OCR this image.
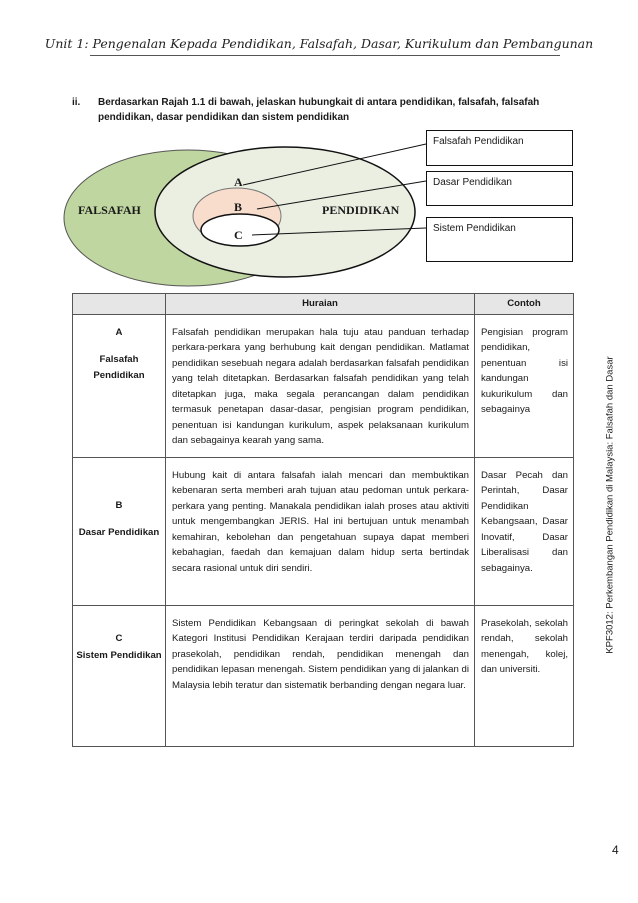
Unit 1: Pengenalan Kepada Pendidikan, Falsafah, Dasar, Kurikulum dan Pembangunan
ii. Berdasarkan Rajah 1.1 di bawah, jelaskan hubungkait di antara pendidikan, falsafah, falsafah pendidikan, dasar pendidikan dan sistem pendidikan
FALSAFAH	PENDIDIKAN
A
B
C
Falsafah Pendidikan
Dasar Pendidikan
Sistem Pendidikan
	Huraian	Contoh

A
Falsafah Pendidikan	Falsafah pendidikan merupakan hala tuju atau panduan terhadap perkara-perkara yang berhubung kait dengan pendidikan. Matlamat pendidikan sesebuah negara adalah berdasarkan falsafah pendidikan yang telah ditetapkan. Berdasarkan falsafah pendidikan yang telah ditetapkan juga, maka segala perancangan dalam pendidikan termasuk penetapan dasar-dasar, pengisian program pendidikan, penentuan isi kandungan kurikulum, aspek pelaksanaan kurikulum dan sebagainya kearah yang sama.	Pengisian program pendidikan, penentuan isi kandungan kukurikulum dan sebagainya

B
Dasar Pendidikan	Hubung kait di antara falsafah ialah mencari dan membuktikan kebenaran serta memberi arah tujuan atau pedoman untuk perkara-perkara yang penting. Manakala pendidikan ialah proses atau aktiviti untuk mengembangkan JERIS. Hal ini bertujuan untuk menambah kemahiran, kebolehan dan pengetahuan supaya dapat memberi kebahagian, faedah dan kemajuan dalam hidup serta bertindak secara rasional untuk diri sendiri.	Dasar Pecah dan Perintah, Dasar Pendidikan Kebangsaan, Dasar Inovatif, Dasar Liberalisasi dan sebagainya.

C
Sistem Pendidikan	Sistem Pendidikan Kebangsaan di peringkat sekolah di bawah Kategori Institusi Pendidikan Kerajaan terdiri daripada pendidikan prasekolah, pendidikan rendah, pendidikan menengah dan pendidikan lepasan menengah. Sistem pendidikan yang di jalankan di Malaysia lebih teratur dan sistematik berbanding dengan negara luar.	Prasekolah, sekolah rendah, sekolah menengah, kolej, dan universiti.
KPF3012: Perkembangan Pendidikan di Malaysia: Falsafah dan Dasar
4
